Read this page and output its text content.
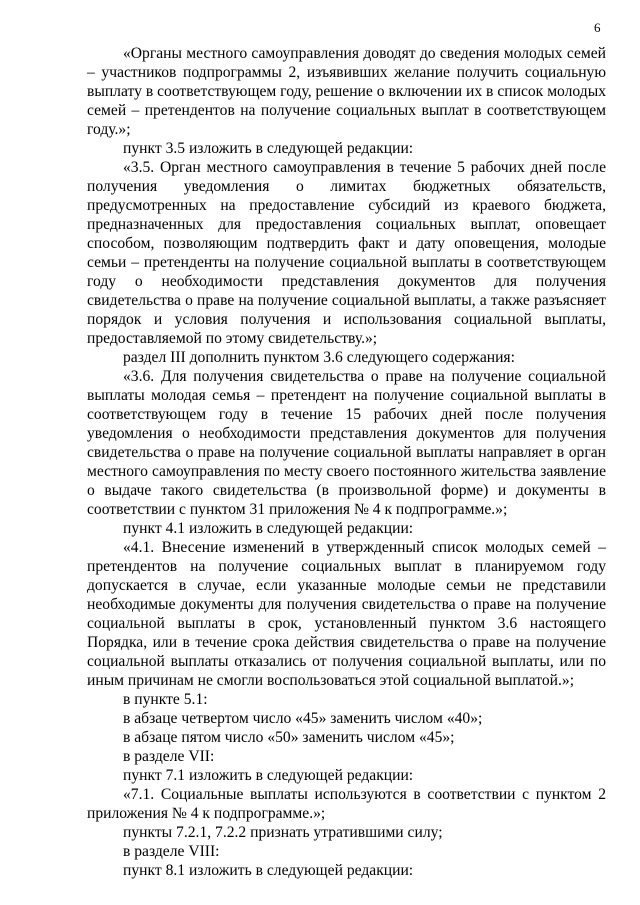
6

«Органы местного самоуправления доводят до сведения молодых семей – участников подпрограммы 2, изъявивших желание получить социальную выплату в соответствующем году, решение о включении их в список молодых семей – претендентов на получение социальных выплат в соответствующем году.»;

пункт 3.5 изложить в следующей редакции:

«3.5. Орган местного самоуправления в течение 5 рабочих дней после получения уведомления о лимитах бюджетных обязательств, предусмотренных на предоставление субсидий из краевого бюджета, предназначенных для предоставления социальных выплат, оповещает способом, позволяющим подтвердить факт и дату оповещения, молодые семьи – претенденты на получение социальной выплаты в соответствующем году о необходимости представления документов для получения свидетельства о праве на получение социальной выплаты, а также разъясняет порядок и условия получения и использования социальной выплаты, предоставляемой по этому свидетельству.»;

раздел III дополнить пунктом 3.6 следующего содержания:

«3.6. Для получения свидетельства о праве на получение социальной выплаты молодая семья – претендент на получение социальной выплаты в соответствующем году в течение 15 рабочих дней после получения уведомления о необходимости представления документов для получения свидетельства о праве на получение социальной выплаты направляет в орган местного самоуправления по месту своего постоянного жительства заявление о выдаче такого свидетельства (в произвольной форме) и документы в соответствии с пунктом 31 приложения № 4 к подпрограмме.»;

пункт 4.1 изложить в следующей редакции:

«4.1. Внесение изменений в утвержденный список молодых семей – претендентов на получение социальных выплат в планируемом году допускается в случае, если указанные молодые семьи не представили необходимые документы для получения свидетельства о праве на получение социальной выплаты в срок, установленный пунктом 3.6 настоящего Порядка, или в течение срока действия свидетельства о праве на получение социальной выплаты отказались от получения социальной выплаты, или по иным причинам не смогли воспользоваться этой социальной выплатой.»;

в пункте 5.1:

в абзаце четвертом число «45» заменить числом «40»;

в абзаце пятом число «50» заменить числом «45»;

в разделе VII:

пункт 7.1 изложить в следующей редакции:

«7.1. Социальные выплаты используются в соответствии с пунктом 2 приложения № 4 к подпрограмме.»;

пункты 7.2.1, 7.2.2 признать утратившими силу;

в разделе VIII:

пункт 8.1 изложить в следующей редакции:
